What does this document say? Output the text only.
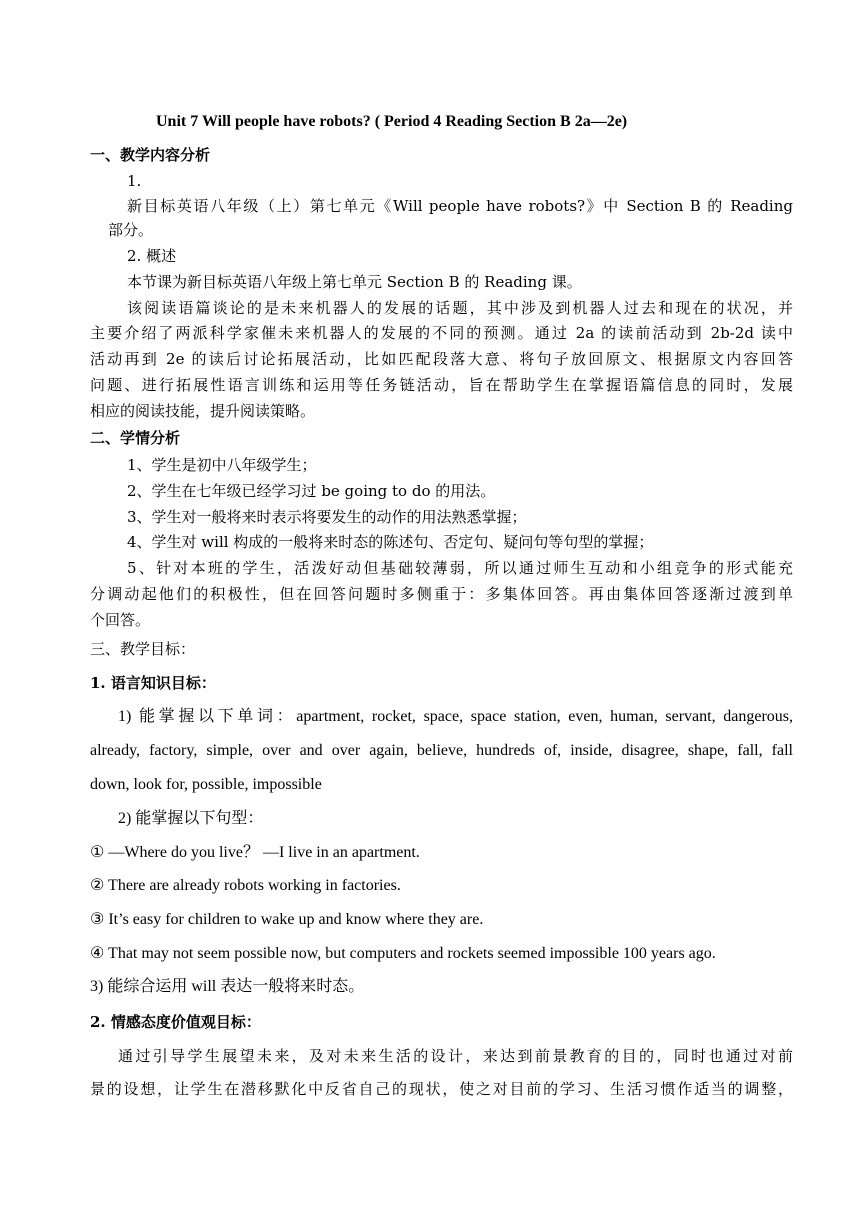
Unit 7 Will people have robots? ( Period 4 Reading Section B 2a—2e)
一、教学内容分析
1.
新目标英语八年级（上）第七单元《Will people have robots?》中 Section B 的 Reading
部分。
2. 概述
本节课为新目标英语八年级上第七单元 Section B 的 Reading 课。
该阅读语篇谈论的是未来机器人的发展的话题，其中涉及到机器人过去和现在的状况，并
主要介绍了两派科学家催未来机器人的发展的不同的预测。通过 2a 的读前活动到 2b-2d 读中
活动再到 2e 的读后讨论拓展活动，比如匹配段落大意、将句子放回原文、根据原文内容回答
问题、进行拓展性语言训练和运用等任务链活动，旨在帮助学生在掌握语篇信息的同时，发展
相应的阅读技能，提升阅读策略。
二、学情分析
1、学生是初中八年级学生；
2、学生在七年级已经学习过 be going to do 的用法。
3、学生对一般将来时表示将要发生的动作的用法熟悉掌握；
4、学生对 will 构成的一般将来时态的陈述句、否定句、疑问句等句型的掌握；
5、针对本班的学生，活泼好动但基础较薄弱，所以通过师生互动和小组竞争的形式能充
分调动起他们的积极性，但在回答问题时多侧重于：多集体回答。再由集体回答逐渐过渡到单
个回答。
三、教学目标：
1. 语言知识目标：
1) 能掌握以下单词：apartment, rocket, space, space station, even, human, servant, dangerous,
already, factory, simple, over and over again, believe, hundreds of, inside, disagree, shape, fall, fall
down, look for, possible, impossible
2) 能掌握以下句型：
① —Where do you live？ —I live in an apartment.
② There are already robots working in factories.
③ It’s easy for children to wake up and know where they are.
④ That may not seem possible now, but computers and rockets seemed impossible 100 years ago.
3) 能综合运用 will 表达一般将来时态。
2. 情感态度价值观目标：
通过引导学生展望未来，及对未来生活的设计，来达到前景教育的目的，同时也通过对前
景的设想，让学生在潜移默化中反省自己的现状，使之对目前的学习、生活习惯作适当的调整，
